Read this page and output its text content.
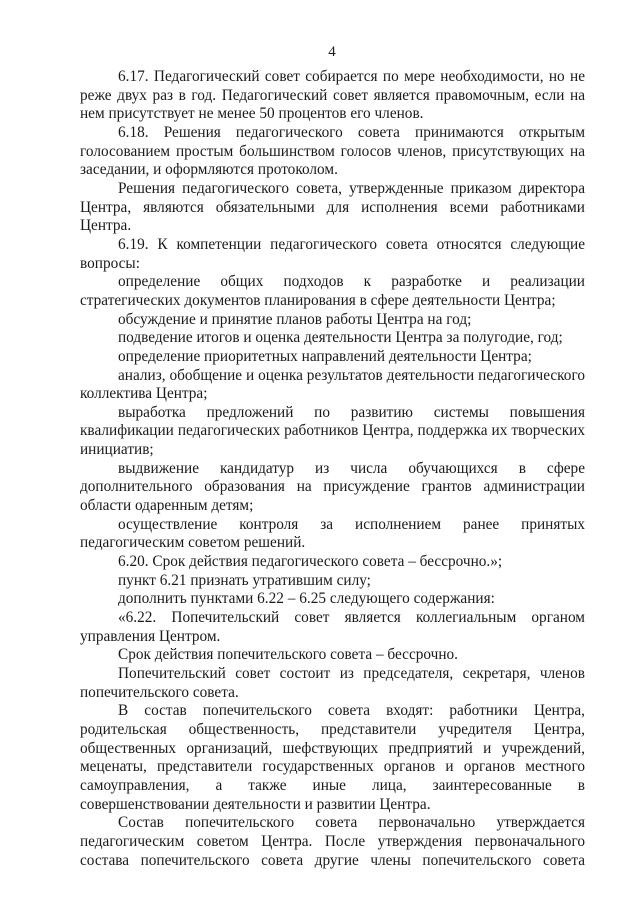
4

6.17. Педагогический совет собирается по мере необходимости, но не реже двух раз в год. Педагогический совет является правомочным, если на нем присутствует не менее 50 процентов его членов.

6.18. Решения педагогического совета принимаются открытым голосованием простым большинством голосов членов, присутствующих на заседании, и оформляются протоколом.

Решения педагогического совета, утвержденные приказом директора Центра, являются обязательными для исполнения всеми работниками Центра.

6.19. К компетенции педагогического совета относятся следующие вопросы:

определение общих подходов к разработке и реализации стратегических документов планирования в сфере деятельности Центра;

обсуждение и принятие планов работы Центра на год;

подведение итогов и оценка деятельности Центра за полугодие, год;

определение приоритетных направлений деятельности Центра;

анализ, обобщение и оценка результатов деятельности педагогического коллектива Центра;

выработка предложений по развитию системы повышения квалификации педагогических работников Центра, поддержка их творческих инициатив;

выдвижение кандидатур из числа обучающихся в сфере дополнительного образования на присуждение грантов администрации области одаренным детям;

осуществление контроля за исполнением ранее принятых педагогическим советом решений.

6.20. Срок действия педагогического совета – бессрочно.»;

пункт 6.21 признать утратившим силу;

дополнить пунктами 6.22 – 6.25 следующего содержания:

«6.22. Попечительский совет является коллегиальным органом управления Центром.

Срок действия попечительского совета – бессрочно.

Попечительский совет состоит из председателя, секретаря, членов попечительского совета.

В состав попечительского совета входят: работники Центра, родительская общественность, представители учредителя Центра, общественных организаций, шефствующих предприятий и учреждений, меценаты, представители государственных органов и органов местного самоуправления, а также иные лица, заинтересованные в совершенствовании деятельности и развитии Центра.

Состав попечительского совета первоначально утверждается педагогическим советом Центра. После утверждения первоначального состава попечительского совета другие члены попечительского совета
